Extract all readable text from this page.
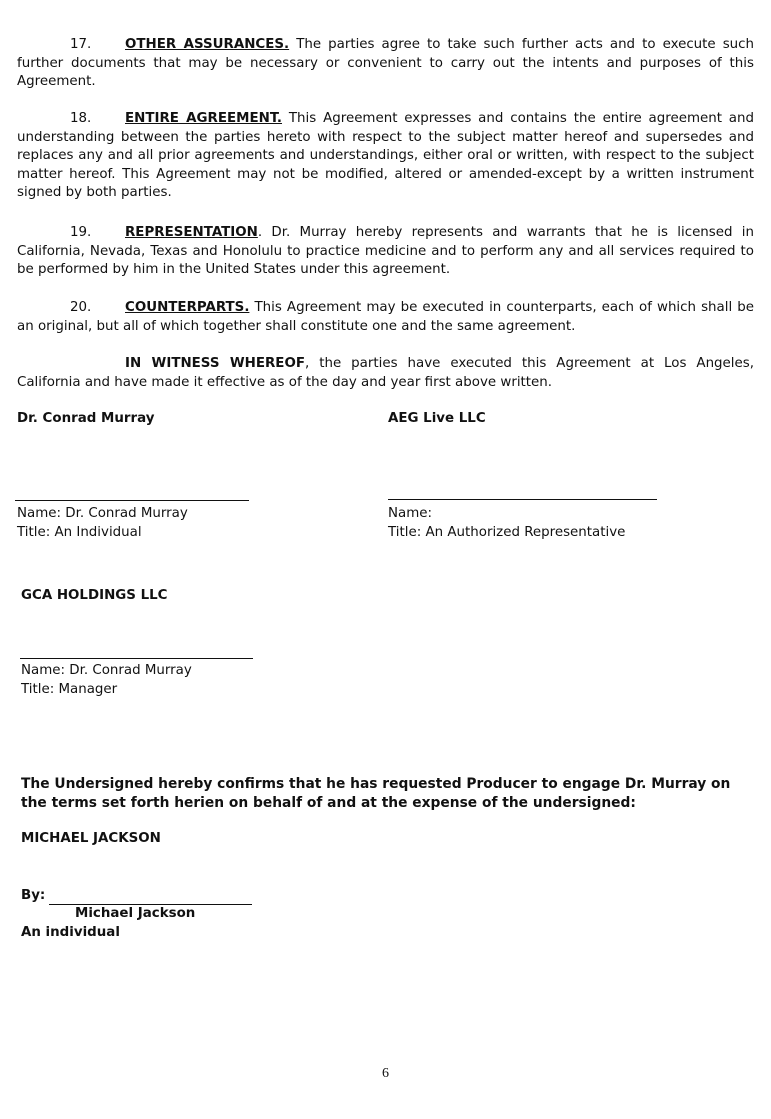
17.	OTHER ASSURANCES. The parties agree to take such further acts and to execute such further documents that may be necessary or convenient to carry out the intents and purposes of this Agreement.

18.	ENTIRE AGREEMENT. This Agreement expresses and contains the entire agreement and understanding between the parties hereto with respect to the subject matter hereof and supersedes and replaces any and all prior agreements and understandings, either oral or written, with respect to the subject matter hereof. This Agreement may not be modified, altered or amended-except by a written instrument signed by both parties.

19.	REPRESENTATION. Dr. Murray hereby represents and warrants that he is licensed in California, Nevada, Texas and Honolulu to practice medicine and to perform any and all services required to be performed by him in the United States under this agreement.

20.	COUNTERPARTS. This Agreement may be executed in counterparts, each of which shall be an original, but all of which together shall constitute one and the same agreement.

IN WITNESS WHEREOF, the parties have executed this Agreement at Los Angeles, California and have made it effective as of the day and year first above written.

Dr. Conrad Murray
Name: Dr. Conrad Murray
Title: An Individual
AEG Live LLC
Name:
Title: An Authorized Representative
GCA HOLDINGS LLC
Name: Dr. Conrad Murray
Title: Manager
The Undersigned hereby confirms that he has requested Producer to engage Dr. Murray on the terms set forth herien on behalf of and at the expense of the undersigned:
MICHAEL JACKSON
By:
Michael Jackson
An individual
6
